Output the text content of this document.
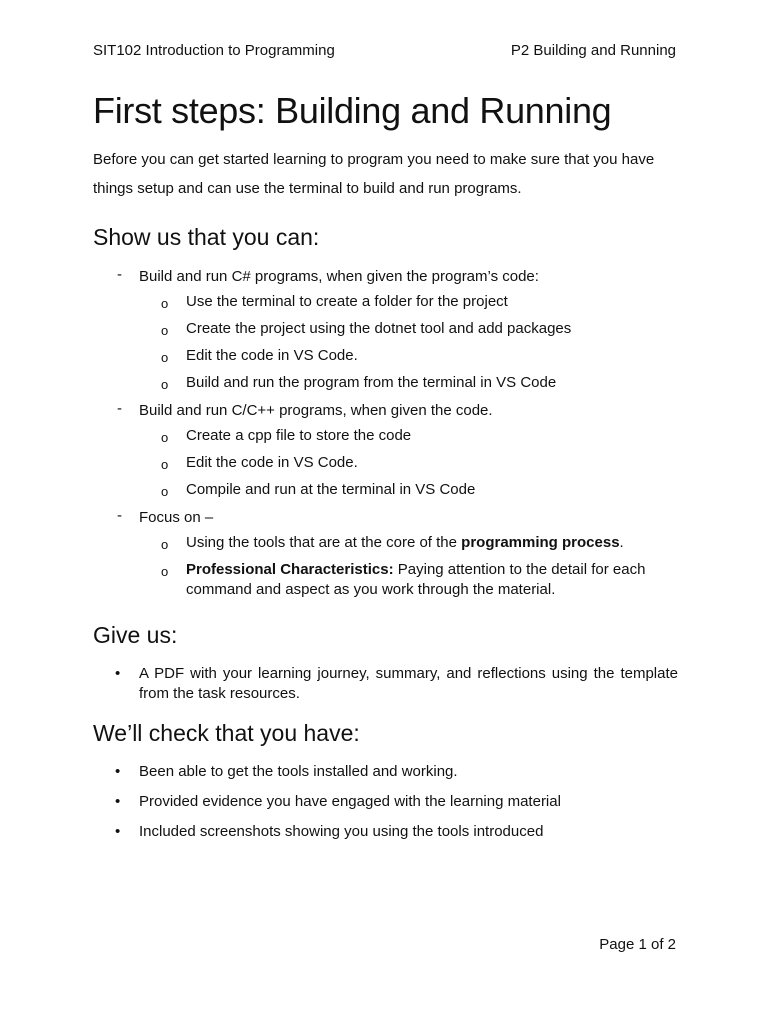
SIT102 Introduction to Programming	P2 Building and Running
First steps: Building and Running

Before you can get started learning to program you need to make sure that you have things setup and can use the terminal to build and run programs.

Show us that you can:
-	Build and run C# programs, when given the program’s code:
o Use the terminal to create a folder for the project
o Create the project using the dotnet tool and add packages
o Edit the code in VS Code.
o Build and run the program from the terminal in VS Code
-	Build and run C/C++ programs, when given the code.
o Create a cpp file to store the code
o Edit the code in VS Code.
o Compile and run at the terminal in VS Code
-	Focus on –
o Using the tools that are at the core of the programming process.
o Professional Characteristics: Paying attention to the detail for each command and aspect as you work through the material.
Give us:
• A PDF with your learning journey, summary, and reflections using the template from the task resources.
We’ll check that you have:
• Been able to get the tools installed and working.
• Provided evidence you have engaged with the learning material
• Included screenshots showing you using the tools introduced
Page 1 of 2
